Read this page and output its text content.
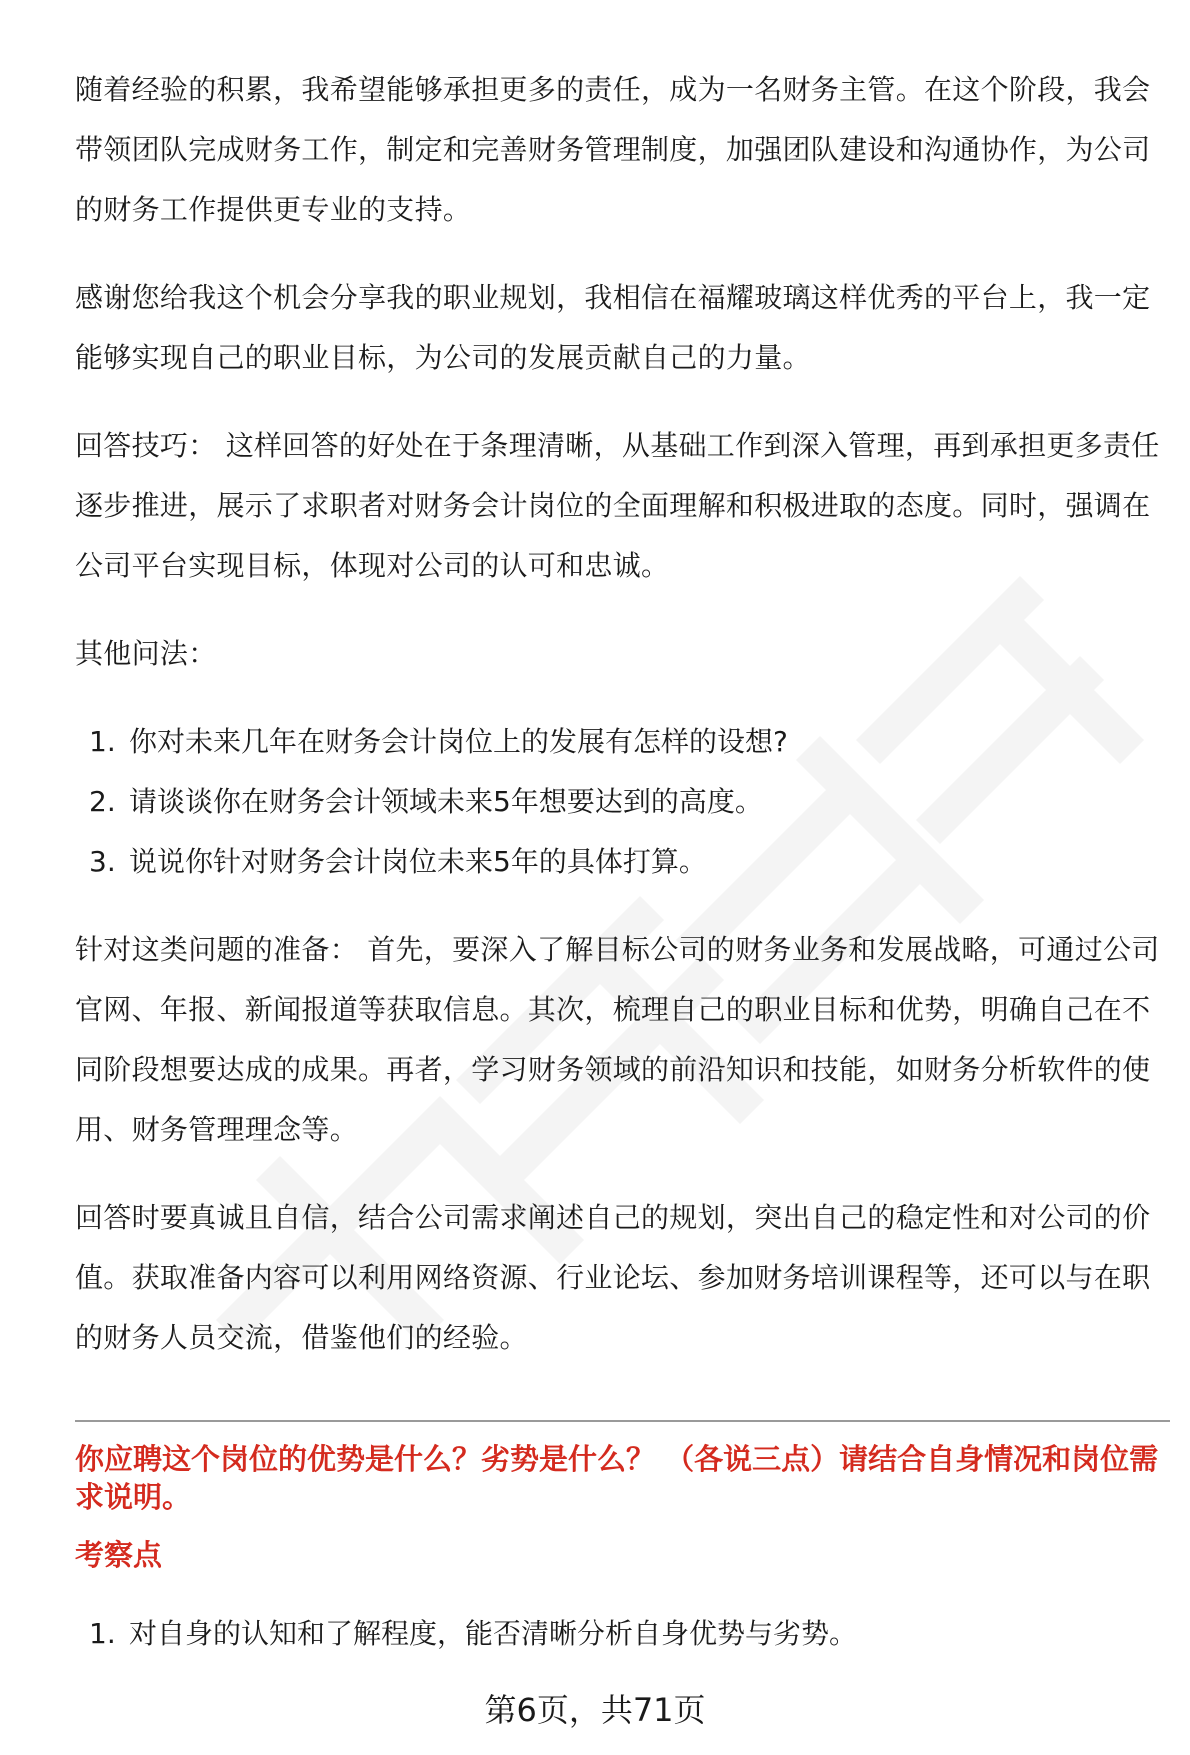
随着经验的积累，我希望能够承担更多的责任，成为一名财务主管。在这个阶段，我会带领团队完成财务工作，制定和完善财务管理制度，加强团队建设和沟通协作，为公司的财务工作提供更专业的支持。

感谢您给我这个机会分享我的职业规划，我相信在福耀玻璃这样优秀的平台上，我一定能够实现自己的职业目标，为公司的发展贡献自己的力量。

回答技巧： 这样回答的好处在于条理清晰，从基础工作到深入管理，再到承担更多责任逐步推进，展示了求职者对财务会计岗位的全面理解和积极进取的态度。同时，强调在公司平台实现目标，体现对公司的认可和忠诚。

其他问法：

1. 你对未来几年在财务会计岗位上的发展有怎样的设想?
2. 请谈谈你在财务会计领域未来5年想要达到的高度。
3. 说说你针对财务会计岗位未来5年的具体打算。

针对这类问题的准备： 首先，要深入了解目标公司的财务业务和发展战略，可通过公司官网、年报、新闻报道等获取信息。其次，梳理自己的职业目标和优势，明确自己在不同阶段想要达成的成果。再者，学习财务领域的前沿知识和技能，如财务分析软件的使用、财务管理理念等。

回答时要真诚且自信，结合公司需求阐述自己的规划，突出自己的稳定性和对公司的价值。获取准备内容可以利用网络资源、行业论坛、参加财务培训课程等，还可以与在职的财务人员交流，借鉴他们的经验。

你应聘这个岗位的优势是什么？劣势是什么？ （各说三点）请结合自身情况和岗位需求说明。
考察点
1. 对自身的认知和了解程度，能否清晰分析自身优势与劣势。
第6页，共71页
